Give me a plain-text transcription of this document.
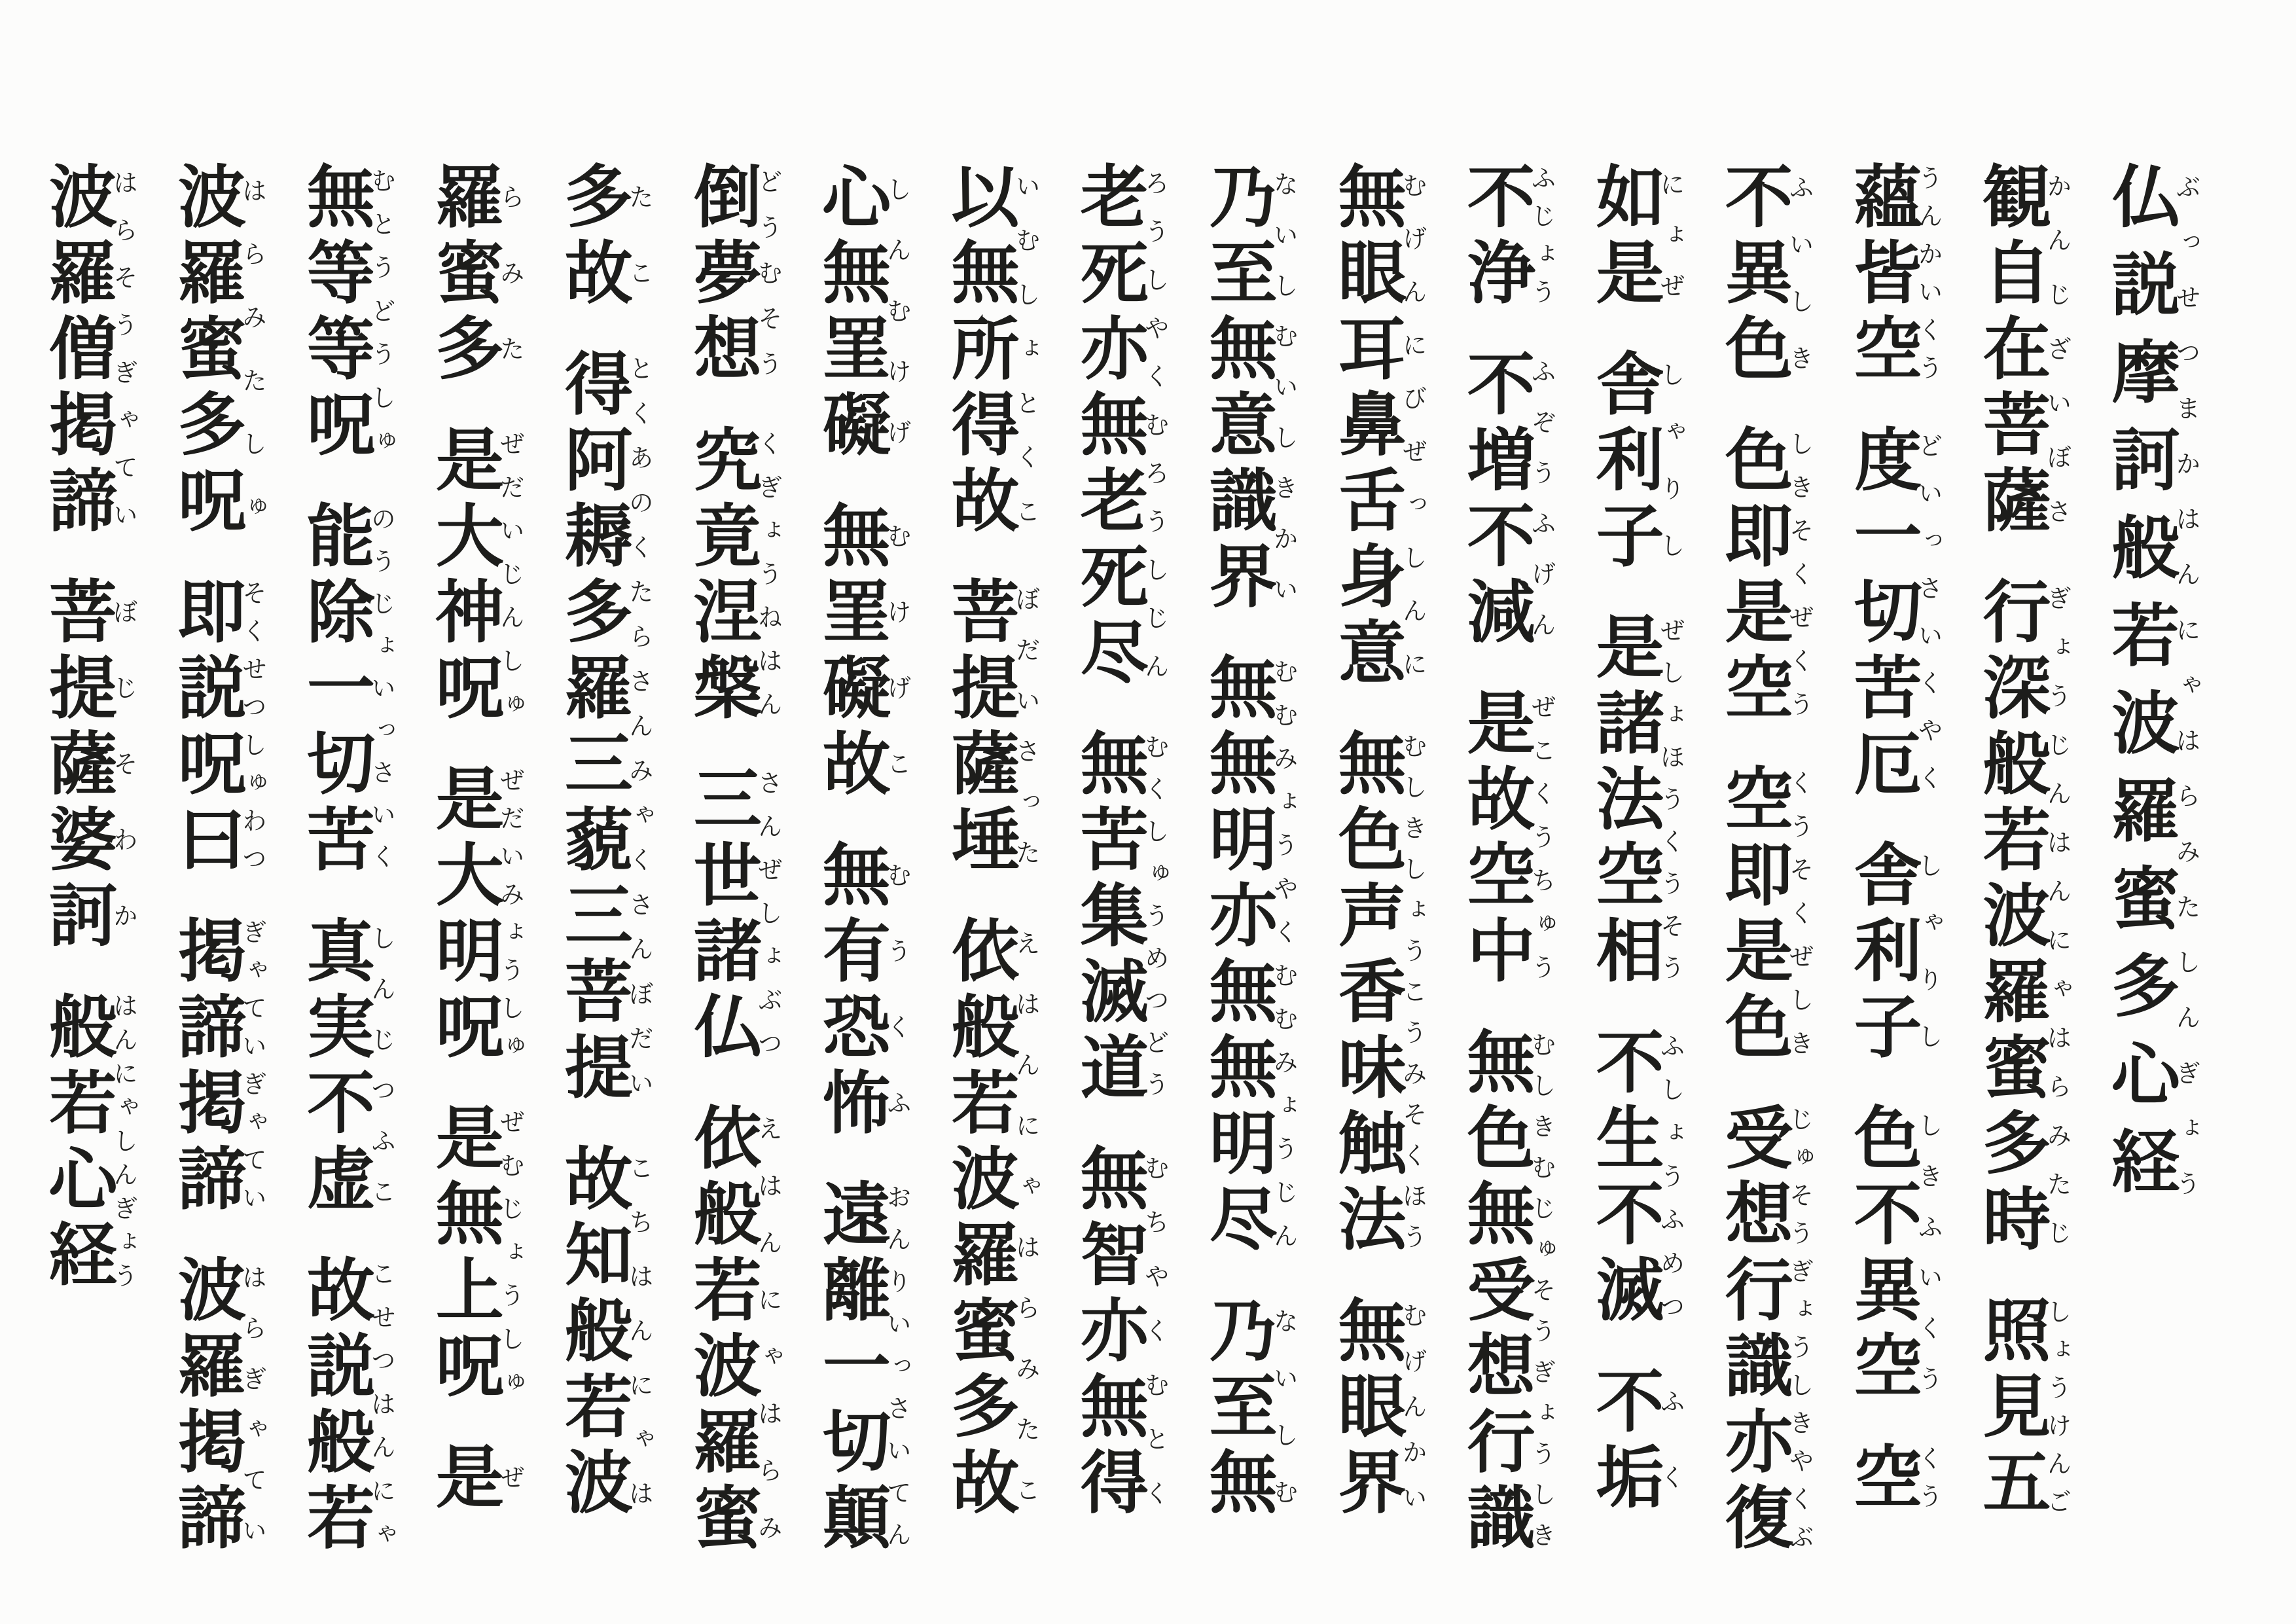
仏説摩訶般若波羅蜜多心経ぶっせつまかはんにゃはらみたしんぎょう
観自在菩薩かんじざいぼさ行深般若波羅蜜多時ぎょうじんはんにゃはらみたじ照見五しょうけんご
蘊皆空うんかいくう度一切苦厄どいっさいくやく舎利子しゃりし色不異空しきふいくう空くう
不異色ふいしき色即是空しきそくぜくう空即是色くうそくぜしき受想行識亦復じゅそうぎょうしきやくぶ
如是にょぜ舎利子しゃりし是諸法空相ぜしょほうくうそう不生不滅ふしょうふめつ不垢ふく
不浄ふじょう不増不減ふぞうふげん是故空中ぜこくうちゅう無色無受想行識むしきむじゅそうぎょうしき
無眼耳鼻舌身意むげんにびぜっしんに無色声香味触法むしきしょうこうみそくほう無眼界むげんかい
乃至無意識界ないしむいしきかい無無明亦無無明尽むむみょうやくむむみょうじん乃至無ないしむ
老死亦無老死尽ろうしやくむろうしじん無苦集滅道むくしゅうめつどう無智亦無得むちやくむとく
以無所得故いむしょとくこ菩提薩埵ぼだいさった依般若波羅蜜多故えはんにゃはらみたこ
心無罣礙しんむけげ無罣礙故むけげこ無有恐怖むうくふ遠離一切顛おんりいっさいてん
倒夢想どうむそう究竟涅槃くぎょうねはん三世諸仏さんぜしょぶつ依般若波羅蜜えはんにゃはらみ
多故たこ得阿耨多羅三藐三菩提とくあのくたらさんみゃくさんぼだい故知般若波こちはんにゃは
羅蜜多らみた是大神呪ぜだいじんしゅ是大明呪ぜだいみょうしゅ是無上呪ぜむじょうしゅ是ぜ
無等等呪むとうどうしゅ能除一切苦のうじょいっさいく真実不虚しんじつふこ故説般若こせつはんにゃ
波羅蜜多呪はらみたしゅ即説呪曰そくせつしゅわつ掲諦掲諦ぎゃていぎゃてい波羅掲諦はらぎゃてい
波羅僧掲諦はらそうぎゃてい菩提薩婆訶ぼじそわか般若心経はんにゃしんぎょう
